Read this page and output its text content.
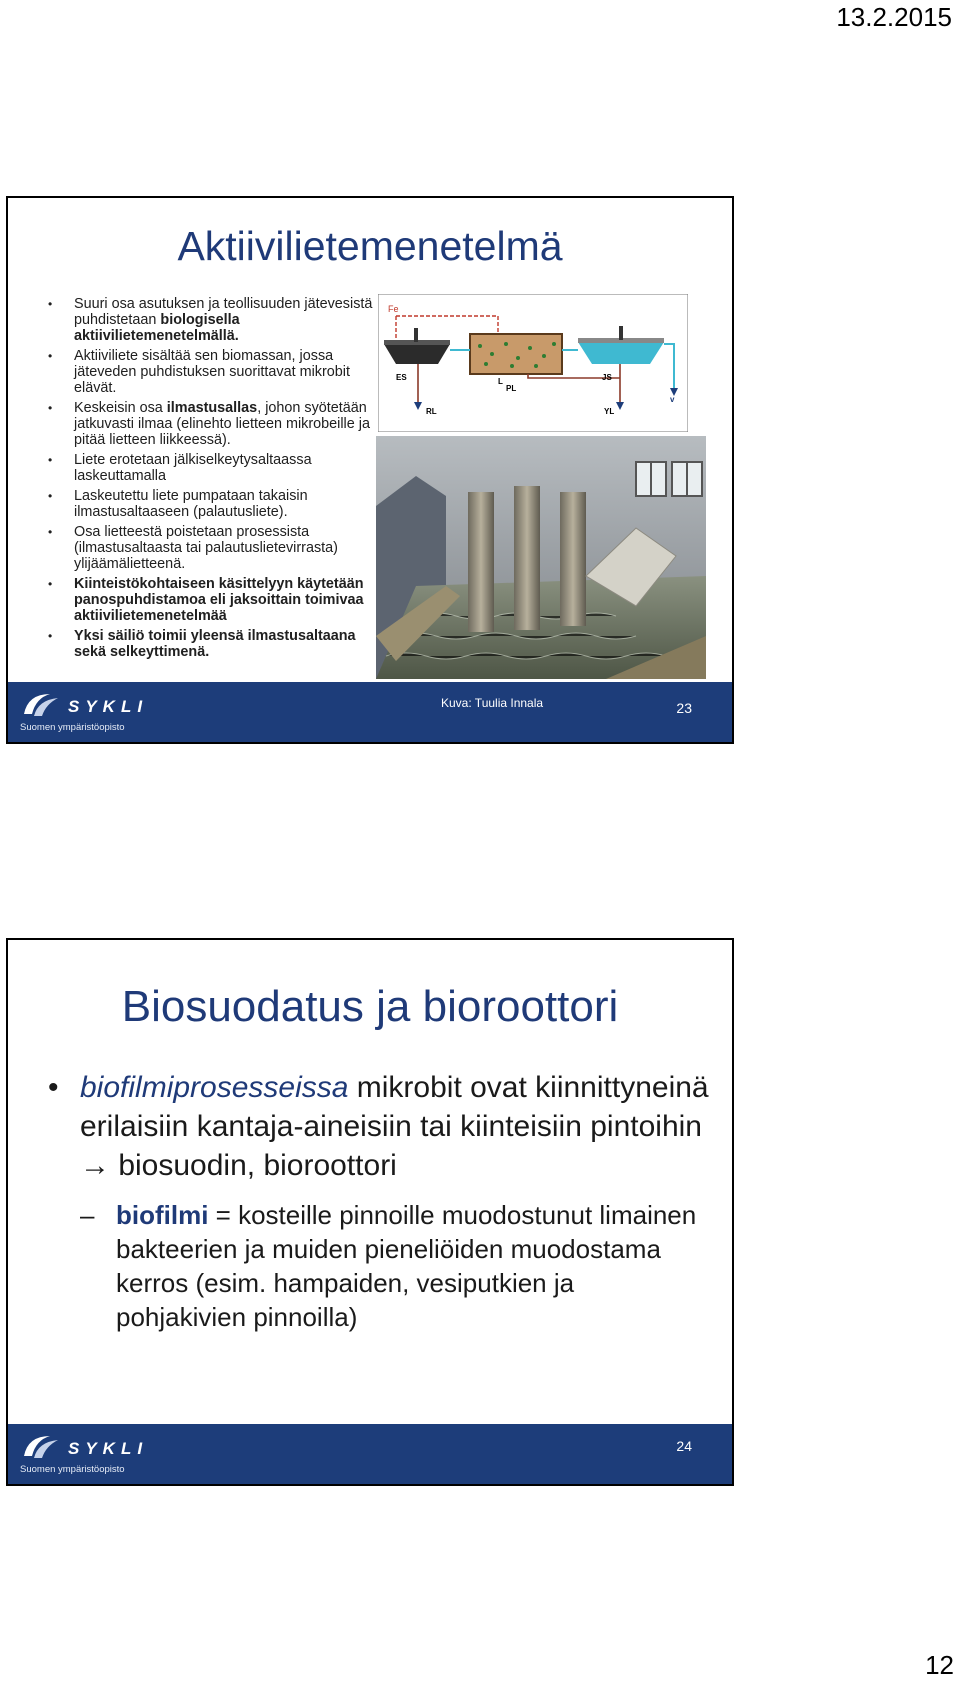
13.2.2015
Aktiivilietemenetelmä
• Suuri osa asutuksen ja teollisuuden jätevesistä puhdistetaan biologisella aktiivilietemenetelmällä.
• Aktiiviliete sisältää sen biomassan, jossa jäteveden puhdistuksen suorittavat mikrobit elävät.
• Keskeisin osa ilmastusallas, johon syötetään jatkuvasti ilmaa (elinehto lietteen mikrobeille ja pitää lietteen liikkeessä).
• Liete erotetaan jälkiselkeytysaltaassa laskeuttamalla
• Laskeutettu liete pumpataan takaisin ilmastusaltaaseen (palautusliete).
• Osa lietteestä poistetaan prosessista (ilmastusaltaasta tai palautuslietevirrasta) ylijäämälietteenä.
• Kiinteistökohtaiseen käsittelyyn käytetään panospuhdistamoa eli jaksoittain toimivaa aktiivilietemenetelmää
• Yksi säiliö toimii yleensä ilmastusaltaana sekä selkeyttimenä.
Fe
ES	L	JS
PL
RL	YL
v
SYKLI
Suomen ympäristöopisto
Kuva: Tuulia Innala	23
Biosuodatus ja bioroottori
• biofilmiprosesseissa mikrobit ovat kiinnittyneinä erilaisiin kantaja-aineisiin tai kiinteisiin pintoihin → biosuodin, bioroottori
– biofilmi = kosteille pinnoille muodostunut limainen bakteerien ja muiden pieneliöiden muodostama kerros (esim. hampaiden, vesiputkien ja pohjakivien pinnoilla)
SYKLI
Suomen ympäristöopisto
24
12
